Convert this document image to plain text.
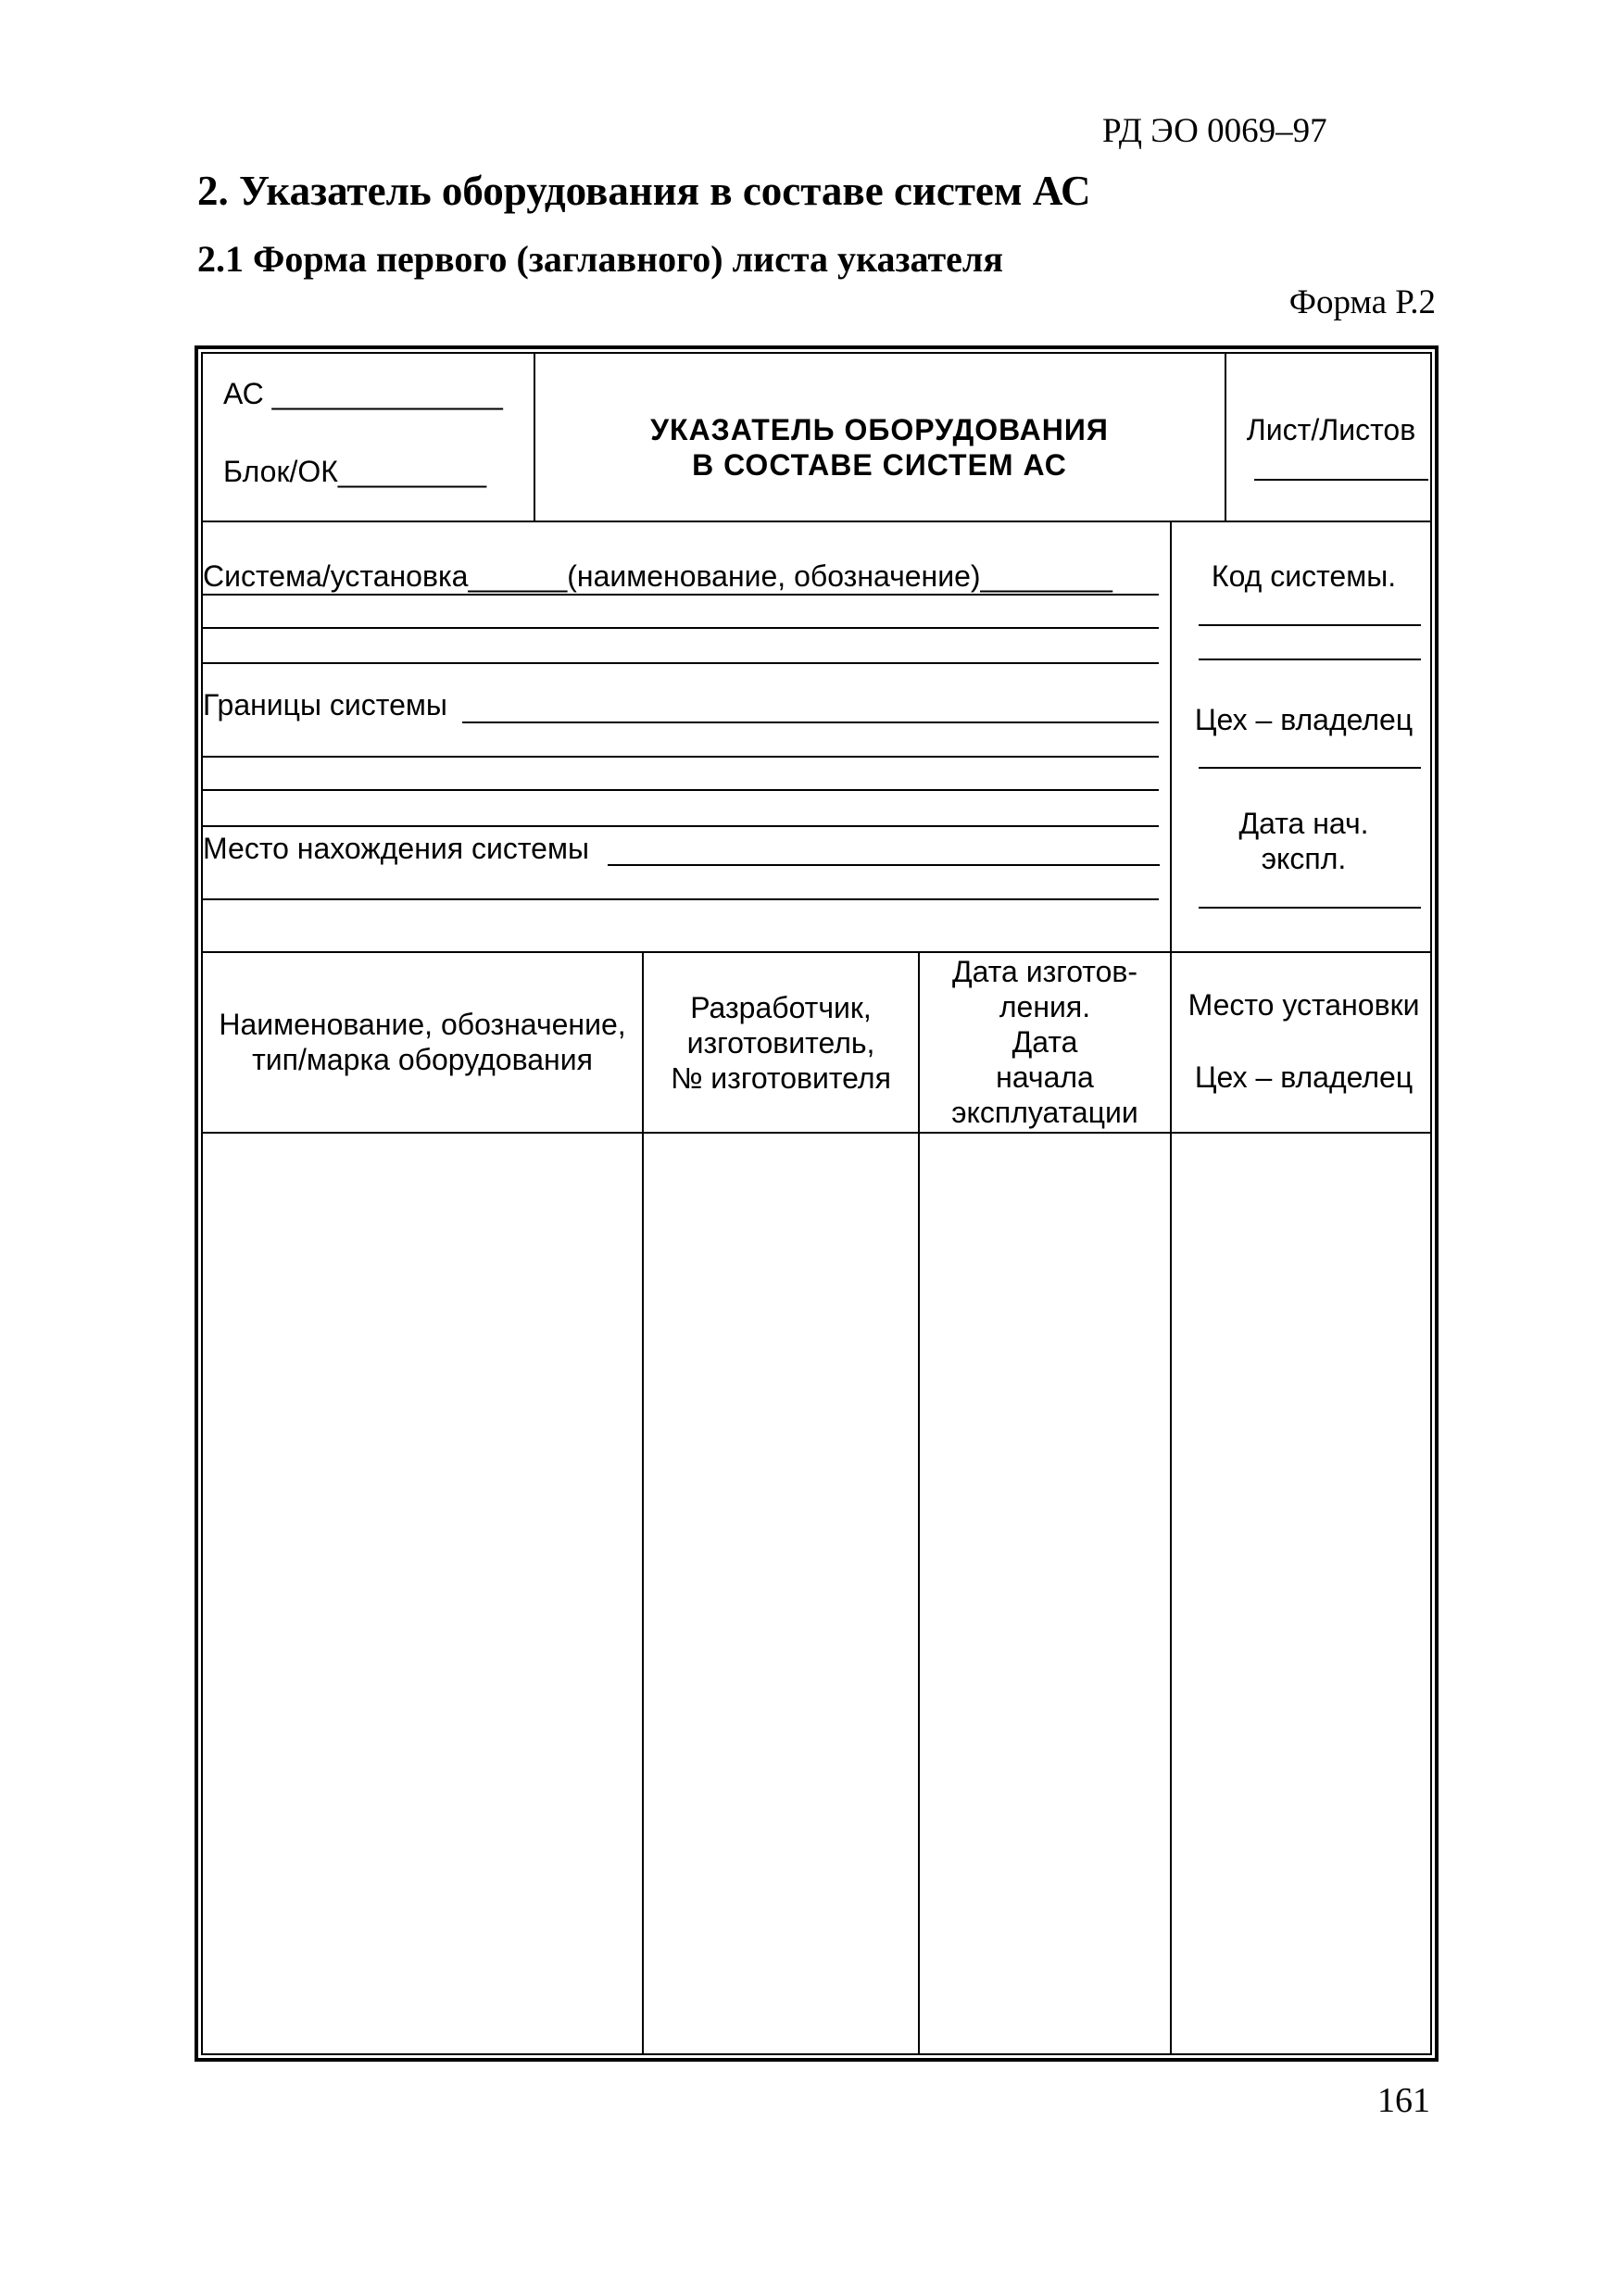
РД ЭО 0069–97
2. Указатель оборудования в составе систем АС
2.1 Форма первого (заглавного) листа указателя
Форма Р.2
АС ______________
Блок/ОК_________
УКАЗАТЕЛЬ ОБОРУДОВАНИЯ
В СОСТАВЕ СИСТЕМ АС
Лист/Листов
Система/установка______(наименование, обозначение)________
Границы системы
Место нахождения системы
Код системы.
Цех – владелец
Дата нач.
экспл.
Наименование, обозначение,
тип/марка оборудования
Разработчик,
изготовитель,
№ изготовителя
Дата изготов-
ления.
Дата
начала
эксплуатации
Место установки
Цех – владелец
161
